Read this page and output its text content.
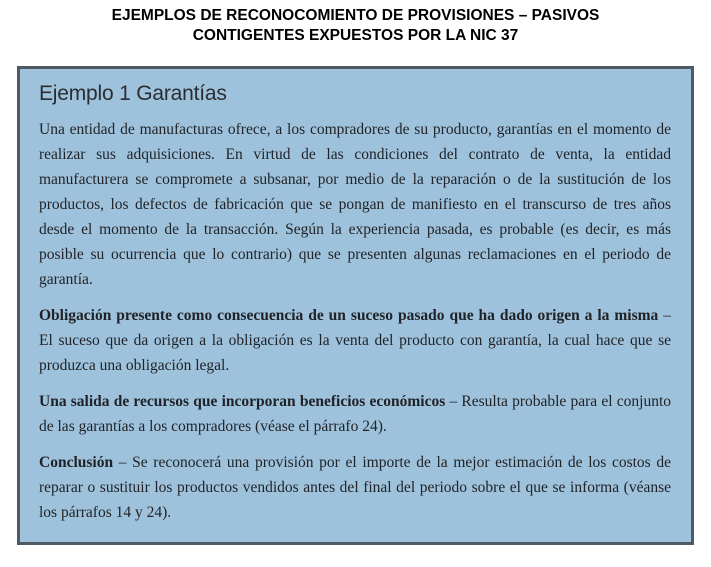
EJEMPLOS DE RECONOCOMIENTO DE PROVISIONES – PASIVOS
CONTIGENTES EXPUESTOS POR LA NIC 37
Ejemplo 1 Garantías

Una entidad de manufacturas ofrece, a los compradores de su producto, garantías en el momento de realizar sus adquisiciones. En virtud de las condiciones del contrato de venta, la entidad manufacturera se compromete a subsanar, por medio de la reparación o de la sustitución de los productos, los defectos de fabricación que se pongan de manifiesto en el transcurso de tres años desde el momento de la transacción. Según la experiencia pasada, es probable (es decir, es más posible su ocurrencia que lo contrario) que se presenten algunas reclamaciones en el periodo de garantía.

Obligación presente como consecuencia de un suceso pasado que ha dado origen a la misma – El suceso que da origen a la obligación es la venta del producto con garantía, la cual hace que se produzca una obligación legal.

Una salida de recursos que incorporan beneficios económicos – Resulta probable para el conjunto de las garantías a los compradores (véase el párrafo 24).

Conclusión – Se reconocerá una provisión por el importe de la mejor estimación de los costos de reparar o sustituir los productos vendidos antes del final del periodo sobre el que se informa (véanse los párrafos 14 y 24).
